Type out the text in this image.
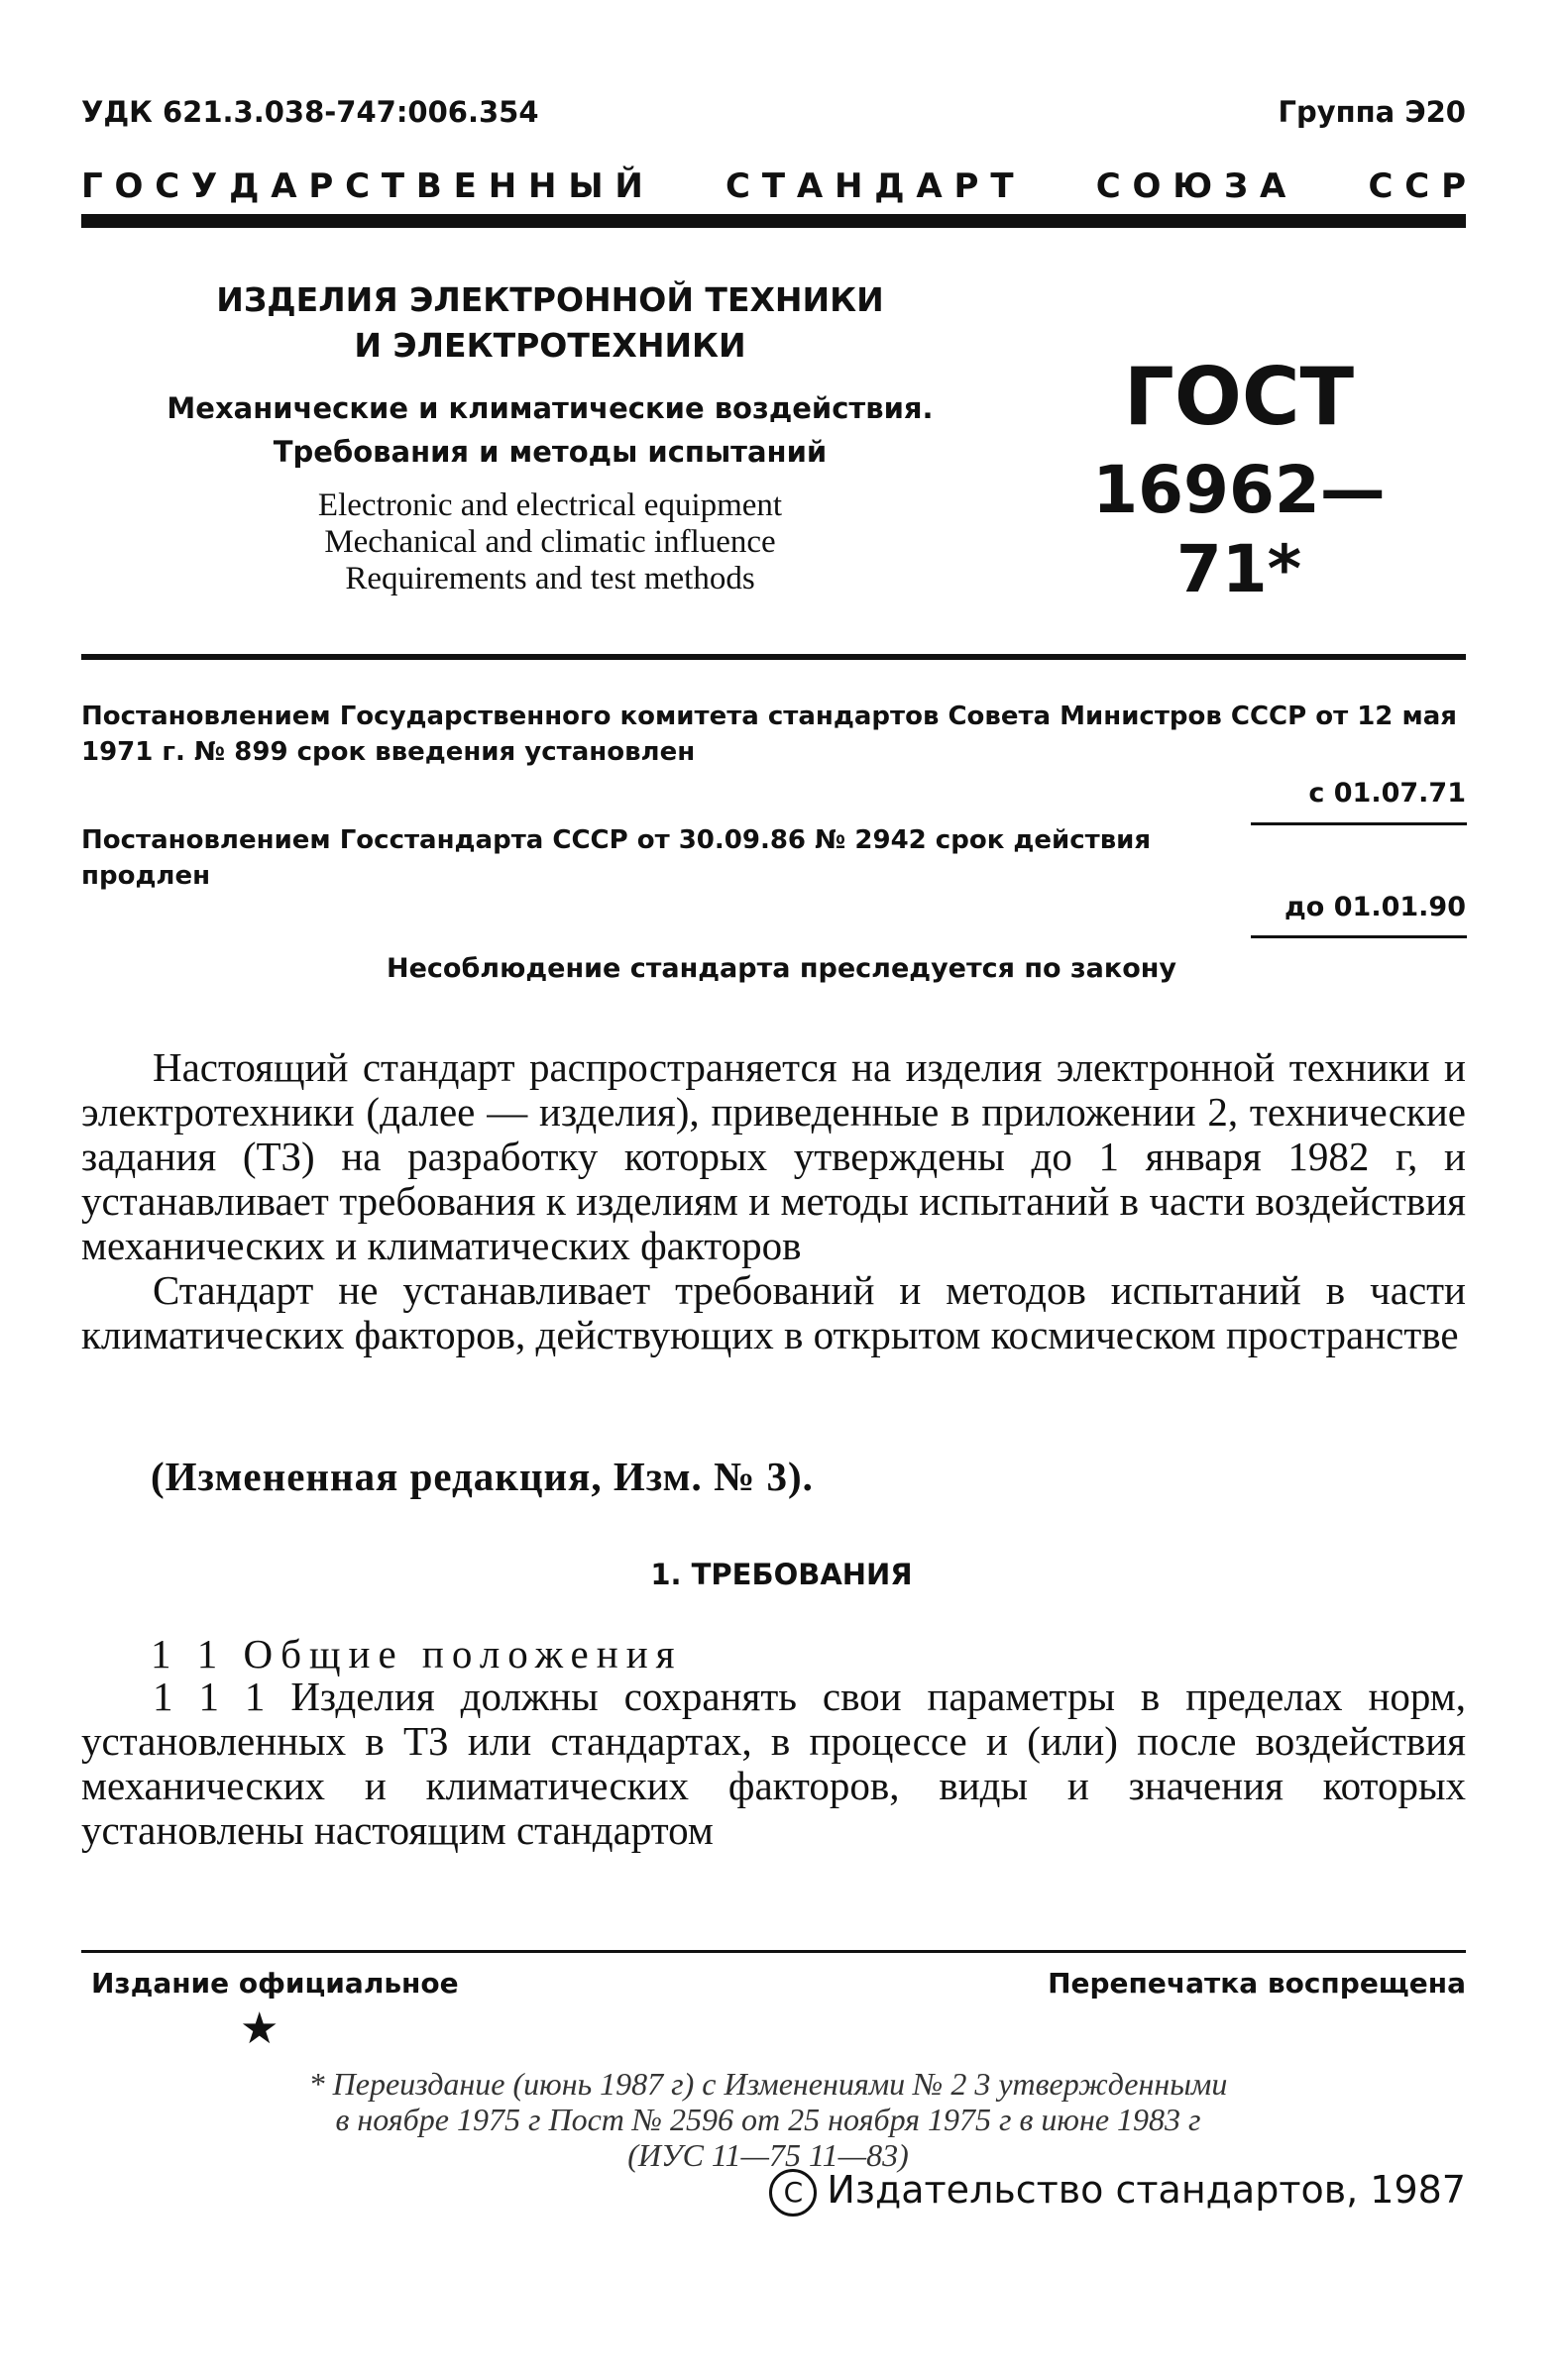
УДК 621.3.038-747:006.354	Группа Э20
Г О С У Д А Р С Т В Е Н Н Ы Й С Т А Н Д А Р Т С О Ю З А С С Р
ИЗДЕЛИЯ ЭЛЕКТРОННОЙ ТЕХНИКИ
И ЭЛЕКТРОТЕХНИКИ
Механические и климатические воздействия.
Требования и методы испытаний
Electronic and electrical equipment
Mechanical and climatic influence
Requirements and test methods
ГОСТ
16962—71*
Постановлением Государственного комитета стандартов Совета Министров СССР от 12 мая 1971 г. № 899 срок введения установлен
с 01.07.71
Постановлением Госстандарта СССР от 30.09.86 № 2942 срок действия продлен
до 01.01.90
Несоблюдение стандарта преследуется по закону

Настоящий стандарт распространяется на изделия электронной техники и электротехники (далее — изделия), приведенные в приложении 2, технические задания (ТЗ) на разработку которых утверждены до 1 января 1982 г, и устанавливает требования к изделиям и методы испытаний в части воздействия механических и климатических факторов

Стандарт не устанавливает требований и методов испытаний в части климатических факторов, действующих в открытом космическом пространстве

(Измененная редакция, Изм. № 3).
1. ТРЕБОВАНИЯ
1 1 Общие положения

1 1 1 Изделия должны сохранять свои параметры в пределах норм, установленных в ТЗ или стандартах, в процессе и (или) после воздействия механических и климатических факторов, виды и значения которых установлены настоящим стандартом

Издание официальное	Перепечатка воспрещена
★
* Переиздание (июнь 1987 г) с Изменениями № 2 3 утвержденными
в ноябре 1975 г Пост № 2596 от 25 ноября 1975 г в июне 1983 г
(ИУС 11—75 11—83)
C Издательство стандартов, 1987
